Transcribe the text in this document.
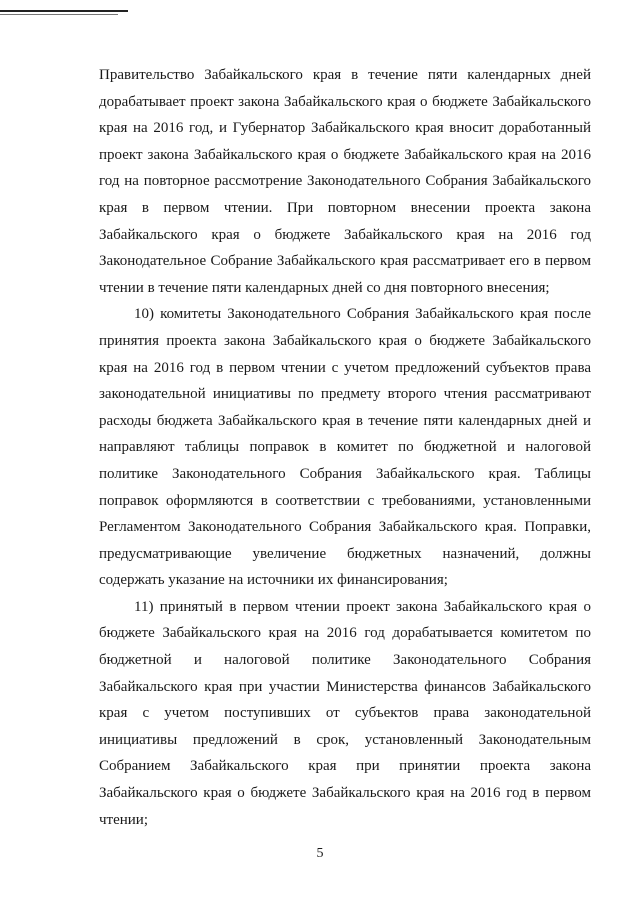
Правительство Забайкальского края в течение пяти календарных дней дорабатывает проект закона Забайкальского края о бюджете Забайкальского края на 2016 год, и Губернатор Забайкальского края вносит доработанный проект закона Забайкальского края о бюджете Забайкальского края на 2016 год на повторное рассмотрение Законодательного Собрания Забайкальского края в первом чтении. При повторном внесении проекта закона Забайкальского края о бюджете Забайкальского края на 2016 год Законодательное Собрание Забайкальского края рассматривает его в первом чтении в течение пяти календарных дней со дня повторного внесения;

10) комитеты Законодательного Собрания Забайкальского края после принятия проекта закона Забайкальского края о бюджете Забайкальского края на 2016 год в первом чтении с учетом предложений субъектов права законодательной инициативы по предмету второго чтения рассматривают расходы бюджета Забайкальского края в течение пяти календарных дней и направляют таблицы поправок в комитет по бюджетной и налоговой политике Законодательного Собрания Забайкальского края. Таблицы поправок оформляются в соответствии с требованиями, установленными Регламентом Законодательного Собрания Забайкальского края. Поправки, предусматривающие увеличение бюджетных назначений, должны содержать указание на источники их финансирования;

11) принятый в первом чтении проект закона Забайкальского края о бюджете Забайкальского края на 2016 год дорабатывается комитетом по бюджетной и налоговой политике Законодательного Собрания Забайкальского края при участии Министерства финансов Забайкальского края с учетом поступивших от субъектов права законодательной инициативы предложений в срок, установленный Законодательным Собранием Забайкальского края при принятии проекта закона Забайкальского края о бюджете Забайкальского края на 2016 год в первом чтении;

5
